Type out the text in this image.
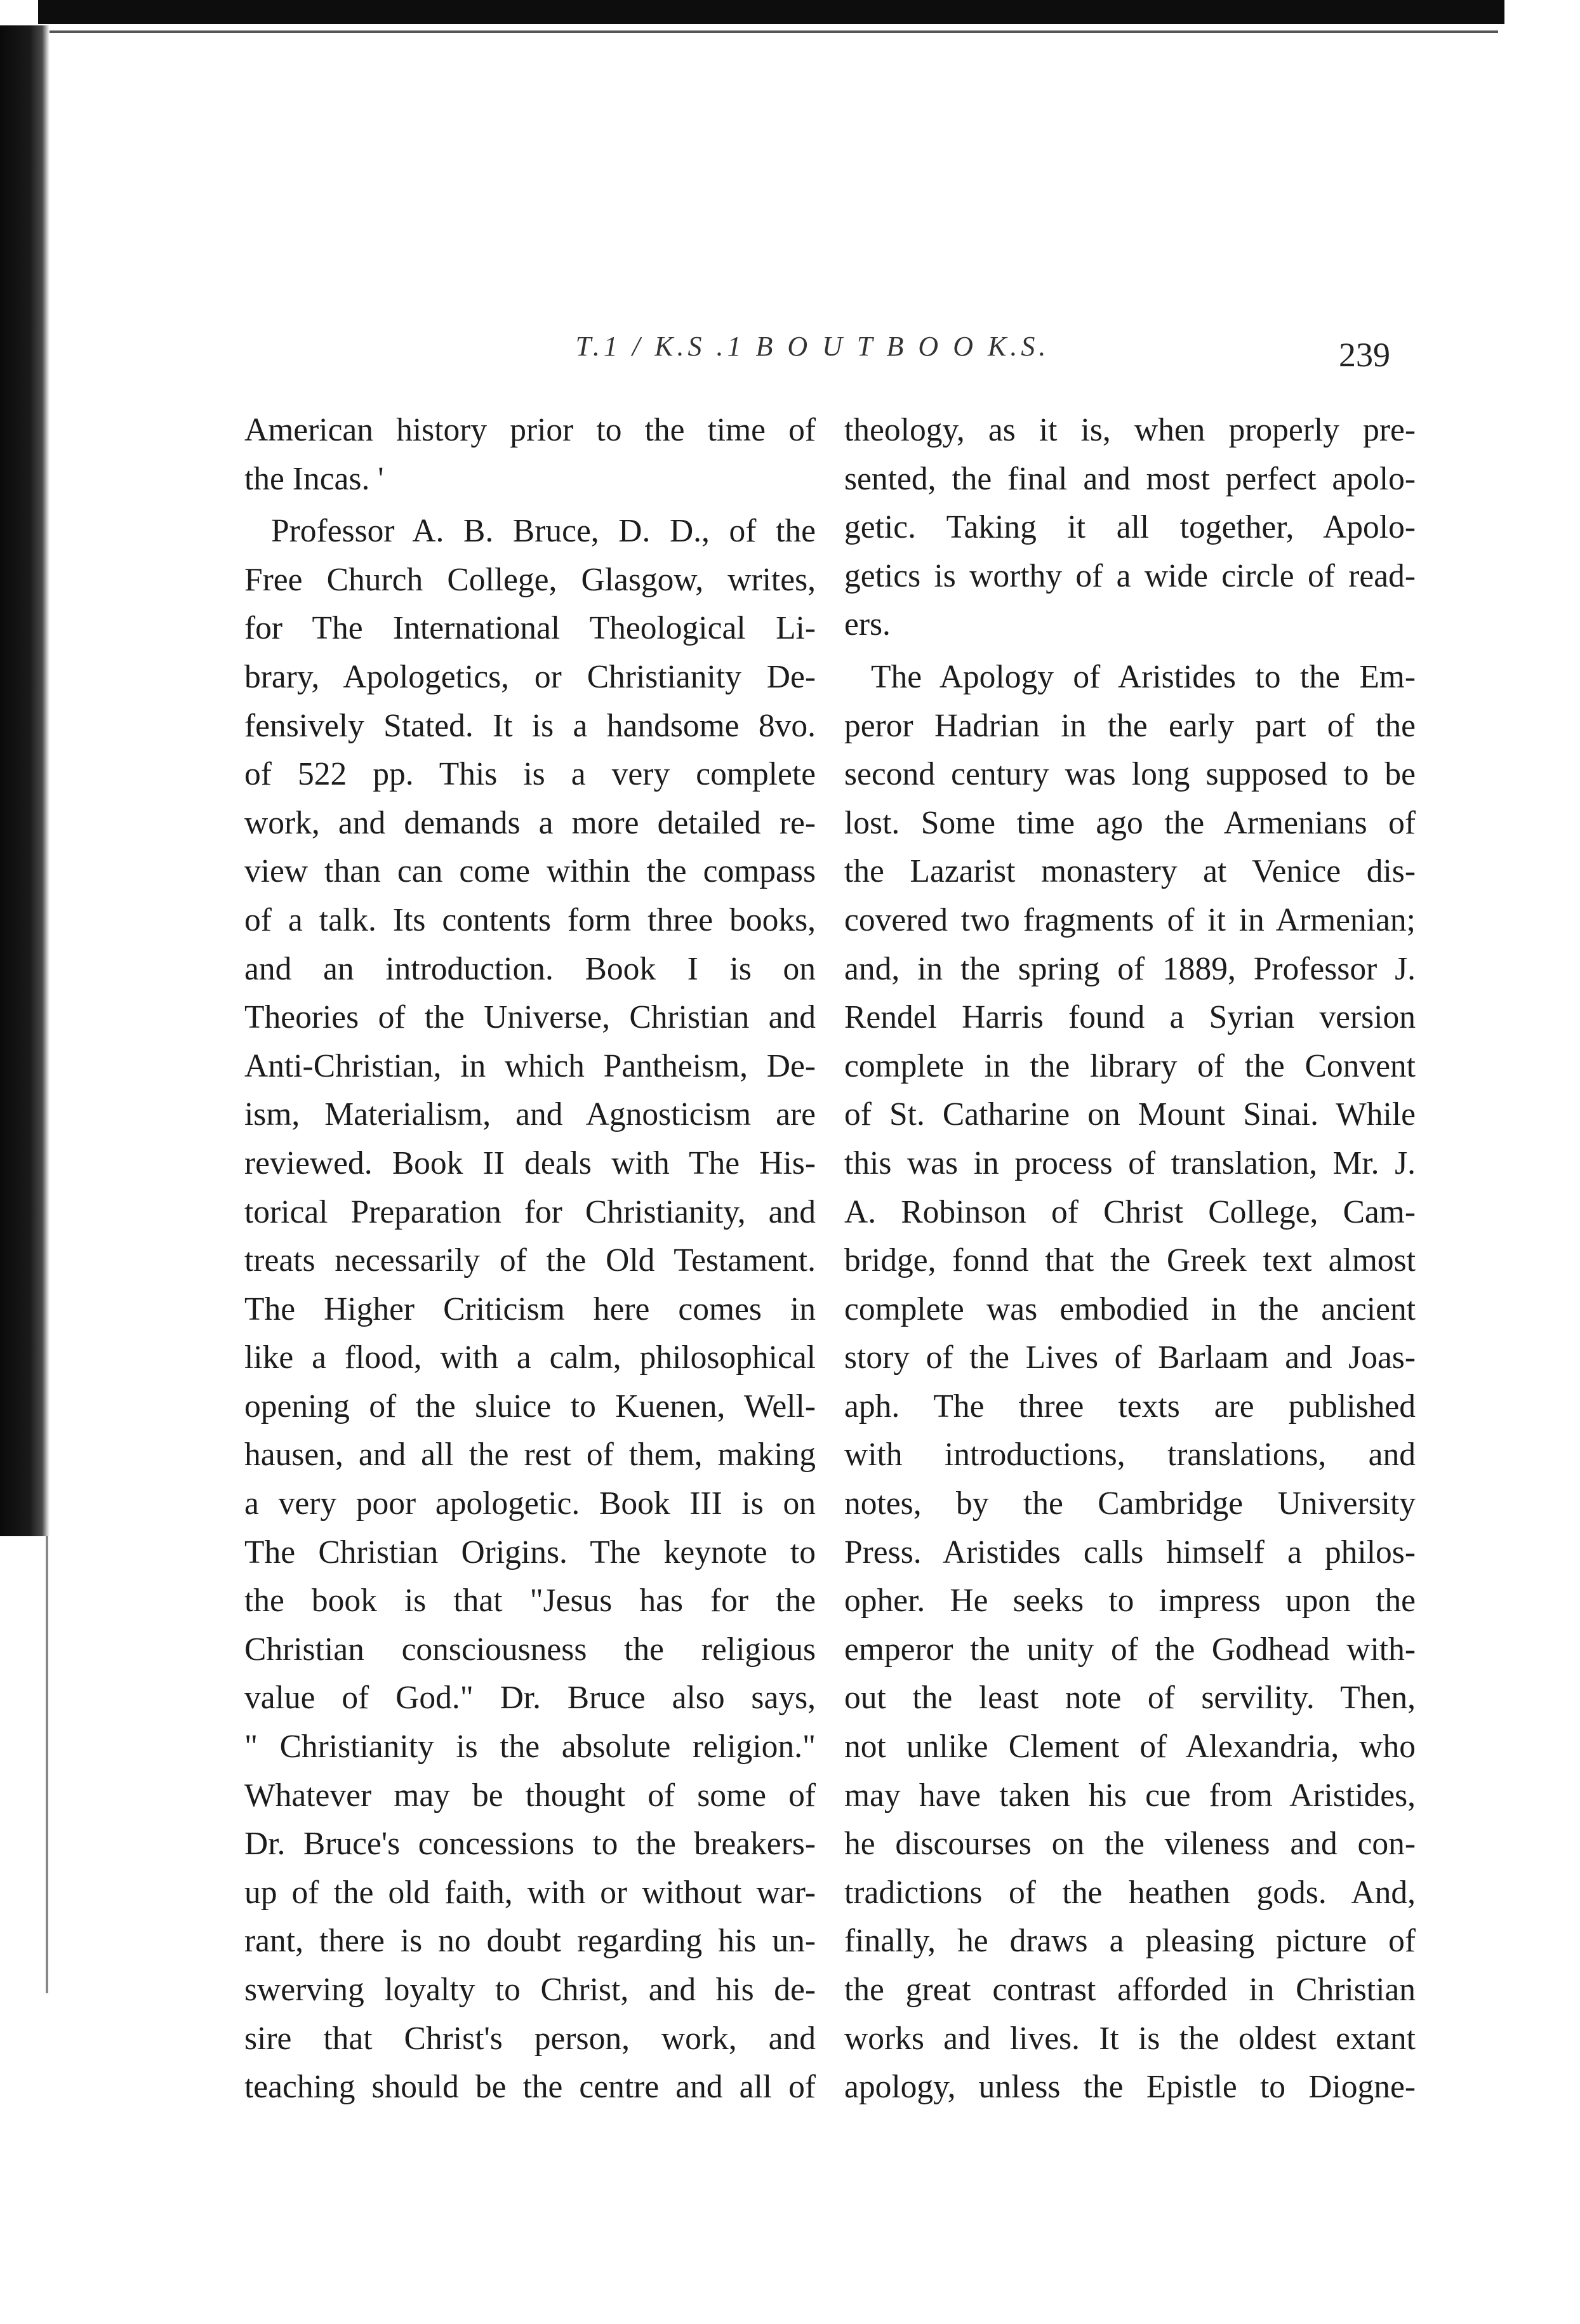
T.1 / K.S .1 B O U T B O O K.S.	239
American history prior to the time of
the Incas. '
Professor A. B. Bruce, D. D., of the
Free Church College, Glasgow, writes,
for The International Theological Li-
brary, Apologetics, or Christianity De-
fensively Stated. It is a handsome 8vo.
of 522 pp. This is a very complete
work, and demands a more detailed re-
view than can come within the compass
of a talk. Its contents form three books,
and an introduction. Book I is on
Theories of the Universe, Christian and
Anti-Christian, in which Pantheism, De-
ism, Materialism, and Agnosticism are
reviewed. Book II deals with The His-
torical Preparation for Christianity, and
treats necessarily of the Old Testament.
The Higher Criticism here comes in
like a flood, with a calm, philosophical
opening of the sluice to Kuenen, Well-
hausen, and all the rest of them, making
a very poor apologetic. Book III is on
The Christian Origins. The keynote to
the book is that "Jesus has for the
Christian consciousness the religious
value of God." Dr. Bruce also says,
" Christianity is the absolute religion."
Whatever may be thought of some of
Dr. Bruce's concessions to the breakers-
up of the old faith, with or without war-
rant, there is no doubt regarding his un-
swerving loyalty to Christ, and his de-
sire that Christ's person, work, and
teaching should be the centre and all of
theology, as it is, when properly pre-
sented, the final and most perfect apolo-
getic. Taking it all together, Apolo-
getics is worthy of a wide circle of read-
ers.
The Apology of Aristides to the Em-
peror Hadrian in the early part of the
second century was long supposed to be
lost. Some time ago the Armenians of
the Lazarist monastery at Venice dis-
covered two fragments of it in Armenian;
and, in the spring of 1889, Professor J.
Rendel Harris found a Syrian version
complete in the library of the Convent
of St. Catharine on Mount Sinai. While
this was in process of translation, Mr. J.
A. Robinson of Christ College, Cam-
bridge, fonnd that the Greek text almost
complete was embodied in the ancient
story of the Lives of Barlaam and Joas-
aph. The three texts are published
with introductions, translations, and
notes, by the Cambridge University
Press. Aristides calls himself a philos-
opher. He seeks to impress upon the
emperor the unity of the Godhead with-
out the least note of servility. Then,
not unlike Clement of Alexandria, who
may have taken his cue from Aristides,
he discourses on the vileness and con-
tradictions of the heathen gods. And,
finally, he draws a pleasing picture of
the great contrast afforded in Christian
works and lives. It is the oldest extant
apology, unless the Epistle to Diogne-
